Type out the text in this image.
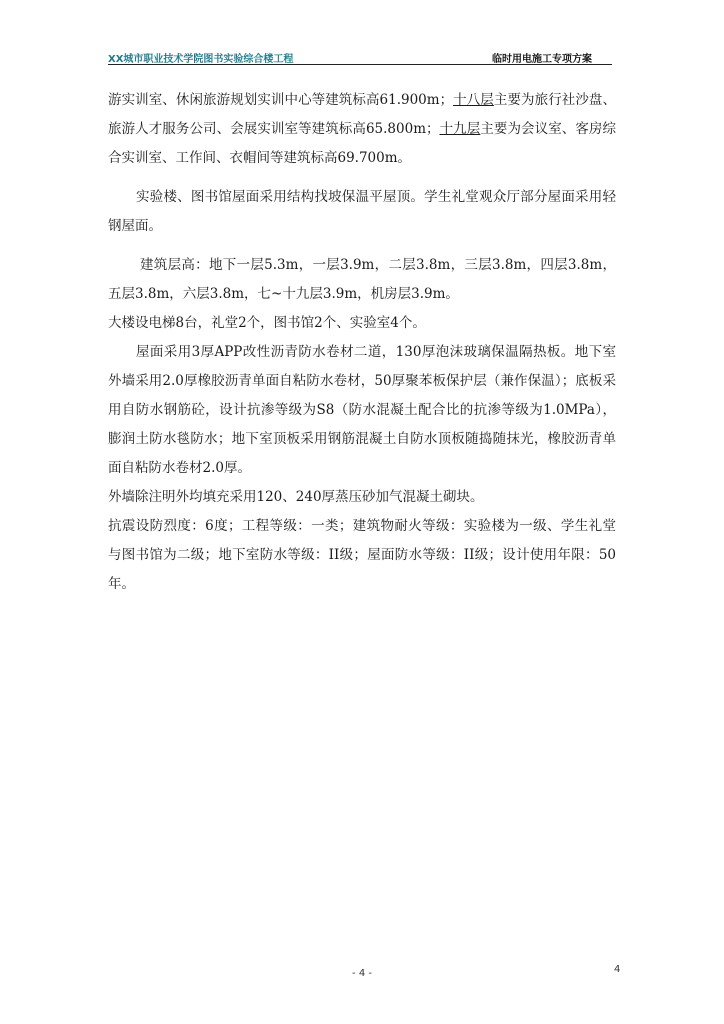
XX城市职业技术学院图书实验综合楼工程	临时用电施工专项方案

游实训室、休闲旅游规划实训中心等建筑标高61.900m；十八层主要为旅行社沙盘、旅游人才服务公司、会展实训室等建筑标高65.800m；十九层主要为会议室、客房综合实训室、工作间、衣帽间等建筑标高69.700m。

实验楼、图书馆屋面采用结构找坡保温平屋顶。学生礼堂观众厅部分屋面采用轻钢屋面。

建筑层高：地下一层5.3m，一层3.9m，二层3.8m，三层3.8m，四层3.8m，五层3.8m，六层3.8m，七~十九层3.9m，机房层3.9m。

大楼设电梯8台，礼堂2个，图书馆2个、实验室4个。

屋面采用3厚APP改性沥青防水卷材二道，130厚泡沫玻璃保温隔热板。地下室外墙采用2.0厚橡胶沥青单面自粘防水卷材，50厚聚苯板保护层（兼作保温）；底板采用自防水钢筋砼，设计抗渗等级为S8（防水混凝土配合比的抗渗等级为1.0MPa），膨润土防水毯防水；地下室顶板采用钢筋混凝土自防水顶板随捣随抹光，橡胶沥青单面自粘防水卷材2.0厚。

外墙除注明外均填充采用120、240厚蒸压砂加气混凝土砌块。

抗震设防烈度：6度；工程等级：一类；建筑物耐火等级：实验楼为一级、学生礼堂与图书馆为二级；地下室防水等级：II级；屋面防水等级：II级；设计使用年限：50年。

- 4 -	4
